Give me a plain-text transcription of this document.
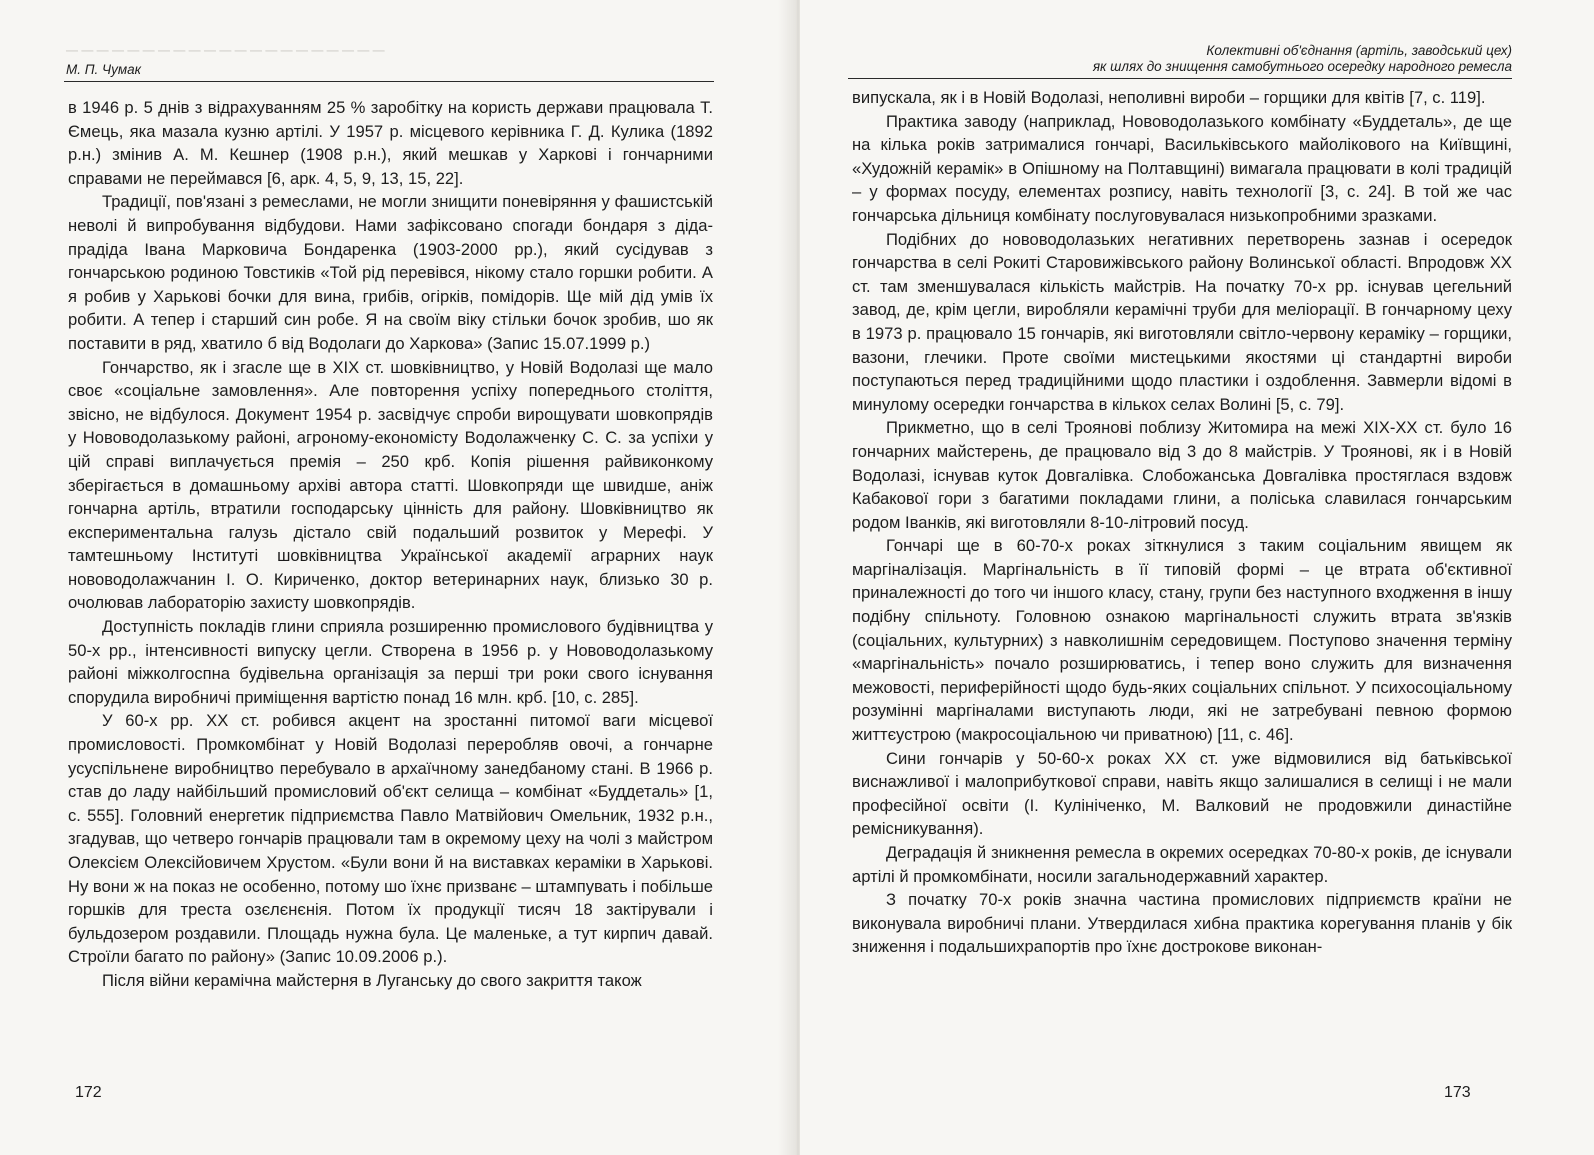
— — — — — — — — — — — — — — — — — — — — —
М. П. Чумак

в 1946 р. 5 днів з відрахуванням 25 % заробітку на користь держави працювала Т. Ємець, яка мазала кузню артілі. У 1957 р. місцевого керівника Г. Д. Кулика (1892 р.н.) змінив А. М. Кешнер (1908 р.н.), який мешкав у Харкові і гончарними справами не переймався [6, арк. 4, 5, 9, 13, 15, 22].

Традиції, пов'язані з ремеслами, не могли знищити поневіряння у фашистській неволі й випробування відбудови. Нами зафіксовано спогади бондаря з діда-прадіда Івана Марковича Бондаренка (1903-2000 рр.), який сусідував з гончарською родиною Товстиків «Той рід перевівся, нікому стало горшки робити. А я робив у Харькові бочки для вина, грибів, огірків, помідорів. Ще мій дід умів їх робити. А тепер і старший син робе. Я на своїм віку стільки бочок зробив, шо як поставити в ряд, хватило б від Водолаги до Харкова» (Запис 15.07.1999 р.)

Гончарство, як і згасле ще в XIX ст. шовківництво, у Новій Водолазі ще мало своє «соціальне замовлення». Але повторення успіху попереднього століття, звісно, не відбулося. Документ 1954 р. засвідчує спроби вирощувати шовкопрядів у Нововодолазькому районі, агроному-економісту Водолажченку С. С. за успіхи у цій справі виплачується премія – 250 крб. Копія рішення райвиконкому зберігається в домашньому архіві автора статті. Шовкопряди ще швидше, аніж гончарна артіль, втратили господарську цінність для району. Шовківництво як експериментальна галузь дістало свій подальший розвиток у Мерефі. У тамтешньому Інституті шовківництва Української академії аграрних наук нововодолажчанин І. О. Кириченко, доктор ветеринарних наук, близько 30 р. очолював лабораторію захисту шовкопрядів.

Доступність покладів глини сприяла розширенню промислового будівництва у 50-х рр., інтенсивності випуску цегли. Створена в 1956 р. у Нововодолазькому районі міжколгоспна будівельна організація за перші три роки свого існування спорудила виробничі приміщення вартістю понад 16 млн. крб. [10, с. 285].

У 60-х рр. XX ст. робився акцент на зростанні питомої ваги місцевої промисловості. Промкомбінат у Новій Водолазі переробляв овочі, а гончарне усуспільнене виробництво перебувало в архаїчному занедбаному стані. В 1966 р. став до ладу найбільший промисловий об'єкт селища – комбінат «Буддеталь» [1, с. 555]. Головний енергетик підприємства Павло Матвійович Омельник, 1932 р.н., згадував, що четверо гончарів працювали там в окремому цеху на чолі з майстром Олексієм Олексійовичем Хрустом. «Були вони й на виставках кераміки в Харькові. Ну вони ж на показ не особенно, потому шо їхнє призванє – штампувать і побільше горшків для треста озєлєнєнія. Потом їх продукції тисяч 18 зактірували і бульдозером роздавили. Площадь нужна була. Це маленьке, а тут кирпич давай. Строїли багато по району» (Запис 10.09.2006 р.).

Після війни керамічна майстерня в Луганську до свого закриття також

172
Колективні об'єднання (артіль, заводський цех)
як шлях до знищення самобутнього осередку народного ремесла

випускала, як і в Новій Водолазі, неполивні вироби – горщики для квітів [7, с. 119].

Практика заводу (наприклад, Нововодолазького комбінату «Буддеталь», де ще на кілька років затрималися гончарі, Васильківського майолікового на Київщині, «Художній керамік» в Опішному на Полтавщині) вимагала працювати в колі традицій – у формах посуду, елементах розпису, навіть технології [3, с. 24]. В той же час гончарська дільниця комбінату послуговувалася низькопробними зразками.

Подібних до нововодолазьких негативних перетворень зазнав і осередок гончарства в селі Рокиті Старовижівського району Волинської області. Впродовж XX ст. там зменшувалася кількість майстрів. На початку 70-х рр. існував цегельний завод, де, крім цегли, виробляли керамічні труби для меліорації. В гончарному цеху в 1973 р. працювало 15 гончарів, які виготовляли світло-червону кераміку – горщики, вазони, глечики. Проте своїми мистецькими якостями ці стандартні вироби поступаються перед традиційними щодо пластики і оздоблення. Завмерли відомі в минулому осередки гончарства в кількох селах Волині [5, с. 79].

Прикметно, що в селі Троянові поблизу Житомира на межі XIX-XX ст. було 16 гончарних майстерень, де працювало від 3 до 8 майстрів. У Троянові, як і в Новій Водолазі, існував куток Довгалівка. Слобожанська Довгалівка простяглася вздовж Кабакової гори з багатими покладами глини, а поліська славилася гончарським родом Іванків, які виготовляли 8-10-літровий посуд.

Гончарі ще в 60-70-х роках зіткнулися з таким соціальним явищем як маргіналізація. Маргінальність в її типовій формі – це втрата об'єктивної приналежності до того чи іншого класу, стану, групи без наступного входження в іншу подібну спільноту. Головною ознакою маргінальності служить втрата зв'язків (соціальних, культурних) з навколишнім середовищем. Поступово значення терміну «маргінальність» почало розширюватись, і тепер воно служить для визначення межовості, периферійності щодо будь-яких соціальних спільнот. У психосоціальному розумінні маргіналами виступають люди, які не затребувані певною формою життєустрою (макросоціальною чи приватною) [11, с. 46].

Сини гончарів у 50-60-х роках XX ст. уже відмовилися від батьківської виснажливої і малоприбуткової справи, навіть якщо залишалися в селищі і не мали професійної освіти (І. Кулініченко, М. Валковий не продовжили династійне ремісникування).

Деградація й зникнення ремесла в окремих осередках 70-80-х років, де існували артілі й промкомбінати, носили загальнодержавний характер.

З початку 70-х років значна частина промислових підприємств країни не виконувала виробничі плани. Утвердилася хибна практика корегування планів у бік зниження і подальшихрапортів про їхнє дострокове виконан-

173
